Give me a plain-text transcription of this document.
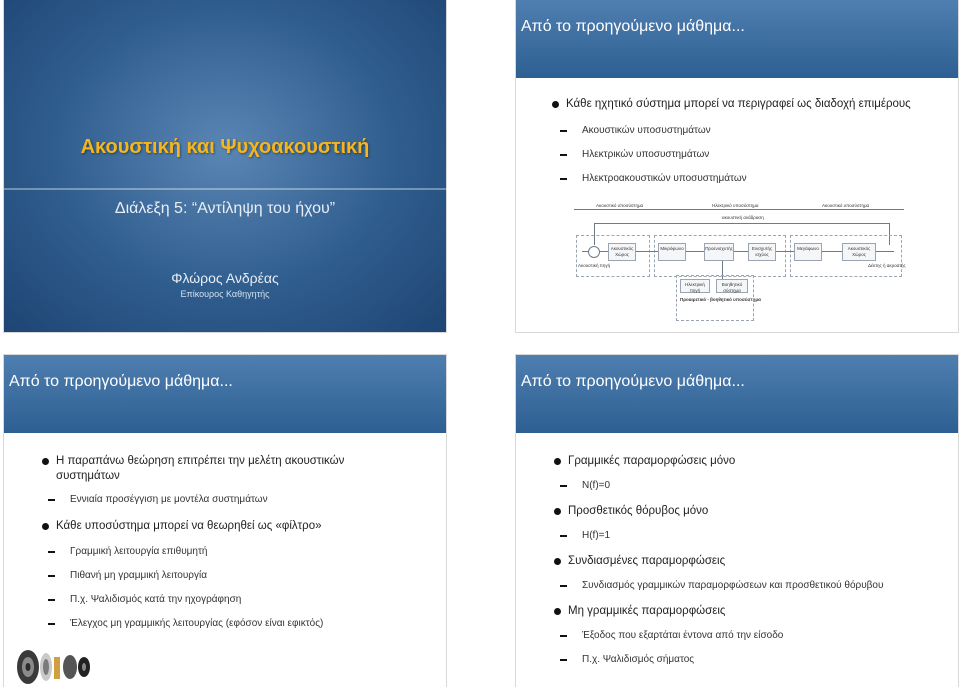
Ακουστική και Ψυχοακουστική
Διάλεξη 5: “Αντίληψη του ήχου”
Φλώρος Ανδρέας
Επίκουρος Καθηγητής
Από το προηγούμενο μάθημα...
Κάθε ηχητικό σύστημα μπορεί να περιγραφεί ως διαδοχή επιμέρους
Ακουστικών υποσυστημάτων
Ηλεκτρικών υποσυστημάτων
Ηλεκτροακουστικών υποσυστημάτων
Ακουστικό υποσύστημα	Ηλεκτρικό υποσύστημα	Ακουστικό υποσύστημα
ακουστική ανάδραση
Ακουστικός Χώρος
Μικρόφωνο	Προενισχυτής	Ενισχυτής ισχύος
Μεγάφωνο	Ακουστικός Χώρος
Ακουστική πηγή	Δέκτης ή ακροατής
Ηλεκτρική πηγή
Βοηθητικό σύστημα
Προαιρετικό - βοηθητικό υποσύστημα
Από το προηγούμενο μάθημα...
Η παραπάνω θεώρηση επιτρέπει την μελέτη ακουστικών
συστημάτων
Εννιαία προσέγγιση με μοντέλα συστημάτων
Κάθε υποσύστημα μπορεί να θεωρηθεί ως «φίλτρο»
Γραμμική λειτουργία επιθυμητή
Πιθανή μη γραμμική λειτουργία
Π.χ. Ψαλιδισμός κατά την ηχογράφηση
Έλεγχος μη γραμμικής λειτουργίας (εφόσον είναι εφικτός)
Από το προηγούμενο μάθημα...
Γραμμικές παραμορφώσεις μόνο
N(f)=0
Προσθετικός θόρυβος μόνο
H(f)=1
Συνδιασμένες παραμορφώσεις
Συνδιασμός γραμμικών παραμορφώσεων και προσθετικού θόρυβου
Μη γραμμικές παραμορφώσεις
Έξοδος που εξαρτάται έντονα από την είσοδο
Π.χ. Ψαλιδισμός σήματος
